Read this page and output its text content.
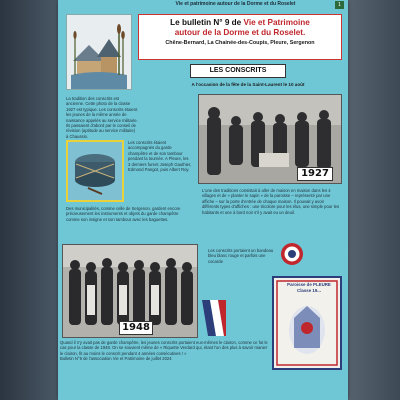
Vie et patrimoine autour de la Dorme et du Roselet	1
Le bulletin N° 9 de Vie et Patrimoine
autour de la Dorme et du Roselet.
Chêne-Bernard, La Chainée-des-Coupis, Pleure, Sergenon
LES CONSCRITS
A l'occasion de la fête de la Saint-Laurent le 10 août
La tradition des conscrits est ancienne. Cette photo de la classe 1927 est typique. Les conscrits étaient les jeunes de la même année de naissance appelés au service militaire. Ils passaient d'abord par le conseil de révision (aptitude au service militaire) à Chaussin.
1927
Les conscrits étaient accompagnés du garde champêtre et de son tambour pendant la tournée. A Pleure, les 3 derniers furent Joseph Gauthier, Edmond Pangot, puis Albert Roy.
Des municipalités, comme celle de Sergenon, gardent encore précieusement les instruments et objets du garde champêtre comme son insigne et son tambour avec les baguettes.
L'une des traditions consistait à aller de maison en maison dans les 4 villages et de « planter le sapin » de la paroisse – représenté par une affiche – sur la porte d'entrée de chaque maison. Il pouvait y avoir différents types d'affiches : une tricolore pour les élus, une simple pour les habitants et une à bord noir s'il y avait eu un deuil.
1948
Les conscrits portaient un bandeau bleu blanc rouge et parfois une cocarde
Paroisse de PLEURE
Classe 19...
Quand il n'y avait pas de garde champêtre, les jeunes conscrits portaient eux-mêmes le clairon, comme ce fut le cas pour la classe de 1948. On se souvient même de « Riquette Verdard qui, étant l'un des plus à savoir manier le clairon, fit au moins le conscrit pendant 4 années consécutives ! »
Bulletin N°9 de l'association Vie et Patrimoine de juillet 2024
